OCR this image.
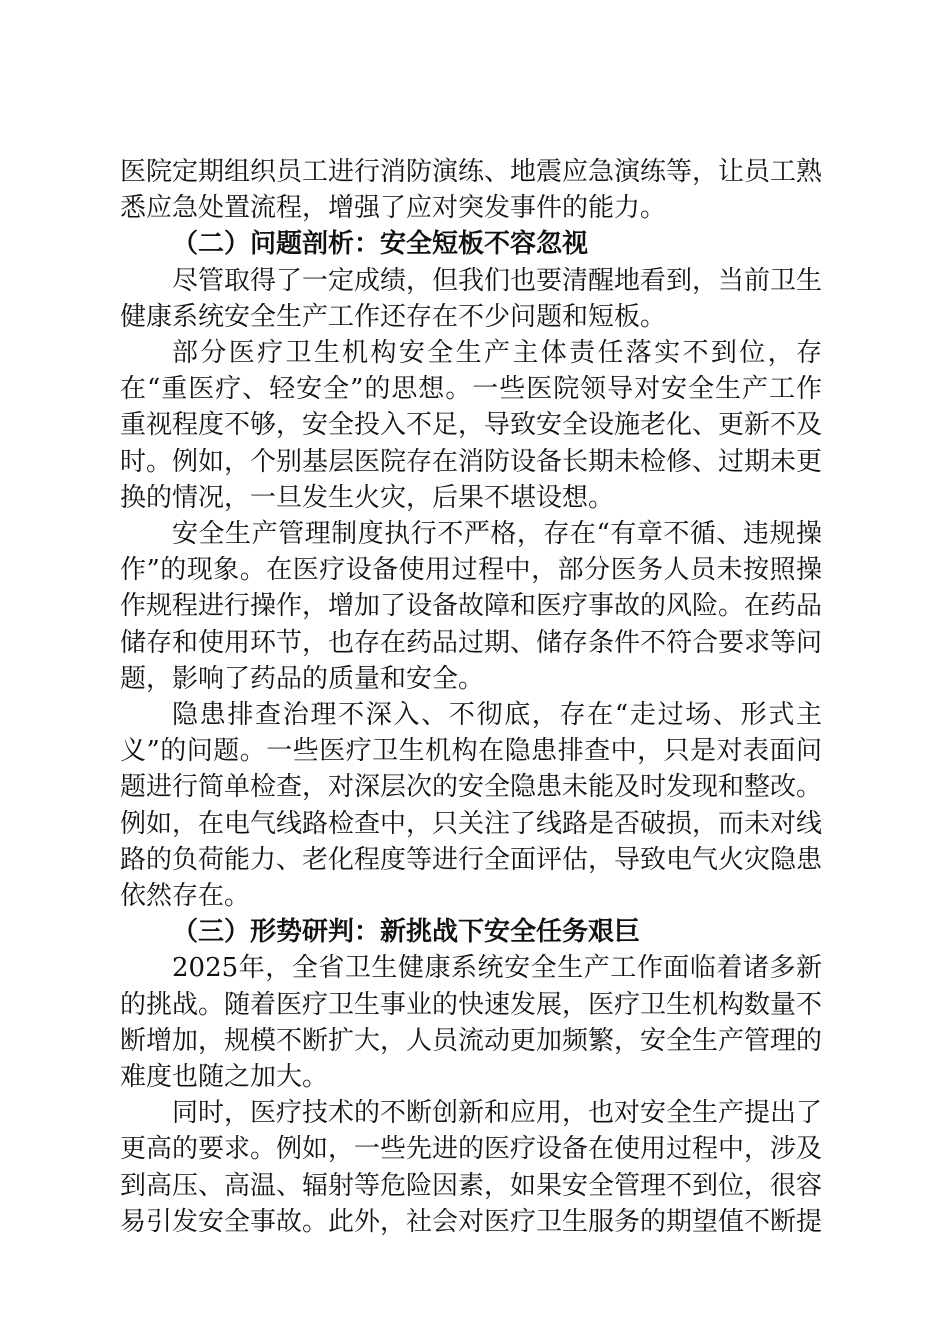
医院定期组织员工进行消防演练、地震应急演练等，让员工熟悉应急处置流程，增强了应对突发事件的能力。

（二）问题剖析：安全短板不容忽视

尽管取得了一定成绩，但我们也要清醒地看到，当前卫生健康系统安全生产工作还存在不少问题和短板。

部分医疗卫生机构安全生产主体责任落实不到位，存在“重医疗、轻安全”的思想。一些医院领导对安全生产工作重视程度不够，安全投入不足，导致安全设施老化、更新不及时。例如，个别基层医院存在消防设备长期未检修、过期未更换的情况，一旦发生火灾，后果不堪设想。

安全生产管理制度执行不严格，存在“有章不循、违规操作”的现象。在医疗设备使用过程中，部分医务人员未按照操作规程进行操作，增加了设备故障和医疗事故的风险。在药品储存和使用环节，也存在药品过期、储存条件不符合要求等问题，影响了药品的质量和安全。

隐患排查治理不深入、不彻底，存在“走过场、形式主义”的问题。一些医疗卫生机构在隐患排查中，只是对表面问题进行简单检查，对深层次的安全隐患未能及时发现和整改。例如，在电气线路检查中，只关注了线路是否破损，而未对线路的负荷能力、老化程度等进行全面评估，导致电气火灾隐患依然存在。

（三）形势研判：新挑战下安全任务艰巨

2025年，全省卫生健康系统安全生产工作面临着诸多新的挑战。随着医疗卫生事业的快速发展，医疗卫生机构数量不断增加，规模不断扩大，人员流动更加频繁，安全生产管理的难度也随之加大。

同时，医疗技术的不断创新和应用，也对安全生产提出了更高的要求。例如，一些先进的医疗设备在使用过程中，涉及到高压、高温、辐射等危险因素，如果安全管理不到位，很容易引发安全事故。此外，社会对医疗卫生服务的期望值不断提
